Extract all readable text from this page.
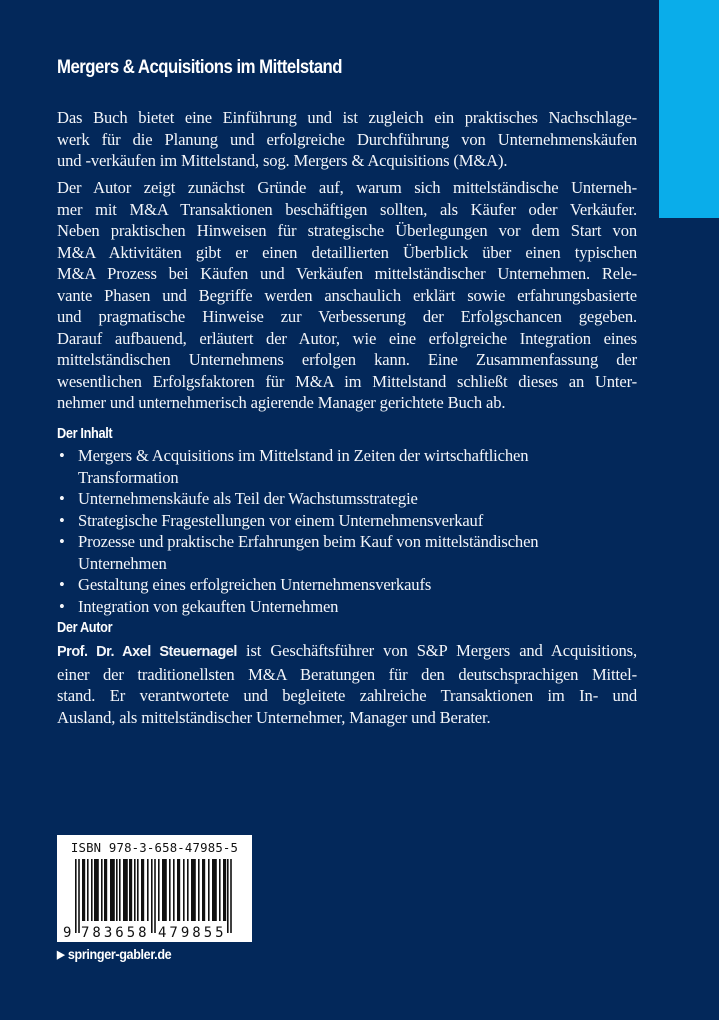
Mergers & Acquisitions im Mittelstand
Das Buch bietet eine Einführung und ist zugleich ein praktisches Nachschlage-
werk für die Planung und erfolgreiche Durchführung von Unternehmenskäufen
und -verkäufen im Mittelstand, sog. Mergers & Acquisitions (M&A).
Der Autor zeigt zunächst Gründe auf, warum sich mittelständische Unterneh-
mer mit M&A Transaktionen beschäftigen sollten, als Käufer oder Verkäufer.
Neben praktischen Hinweisen für strategische Überlegungen vor dem Start von
M&A Aktivitäten gibt er einen detaillierten Überblick über einen typischen
M&A Prozess bei Käufen und Verkäufen mittelständischer Unternehmen. Rele-
vante Phasen und Begriffe werden anschaulich erklärt sowie erfahrungsbasierte
und pragmatische Hinweise zur Verbesserung der Erfolgschancen gegeben.
Darauf aufbauend, erläutert der Autor, wie eine erfolgreiche Integration eines
mittelständischen Unternehmens erfolgen kann. Eine Zusammenfassung der
wesentlichen Erfolgsfaktoren für M&A im Mittelstand schließt dieses an Unter-
nehmer und unternehmerisch agierende Manager gerichtete Buch ab.
Der Inhalt
• Mergers & Acquisitions im Mittelstand in Zeiten der wirtschaftlichen
Transformation
• Unternehmenskäufe als Teil der Wachstumsstrategie
• Strategische Fragestellungen vor einem Unternehmensverkauf
• Prozesse und praktische Erfahrungen beim Kauf von mittelständischen
Unternehmen
• Gestaltung eines erfolgreichen Unternehmensverkaufs
• Integration von gekauften Unternehmen
Der Autor
Prof. Dr. Axel Steuernagel ist Geschäftsführer von S&P Mergers and Acquisitions,
einer der traditionellsten M&A Beratungen für den deutschsprachigen Mittel-
stand. Er verantwortete und begleitete zahlreiche Transaktionen im In- und
Ausland, als mittelständischer Unternehmer, Manager und Berater.
ISBN 978-3-658-47985-5
9 783658 479855
▶ springer-gabler.de
